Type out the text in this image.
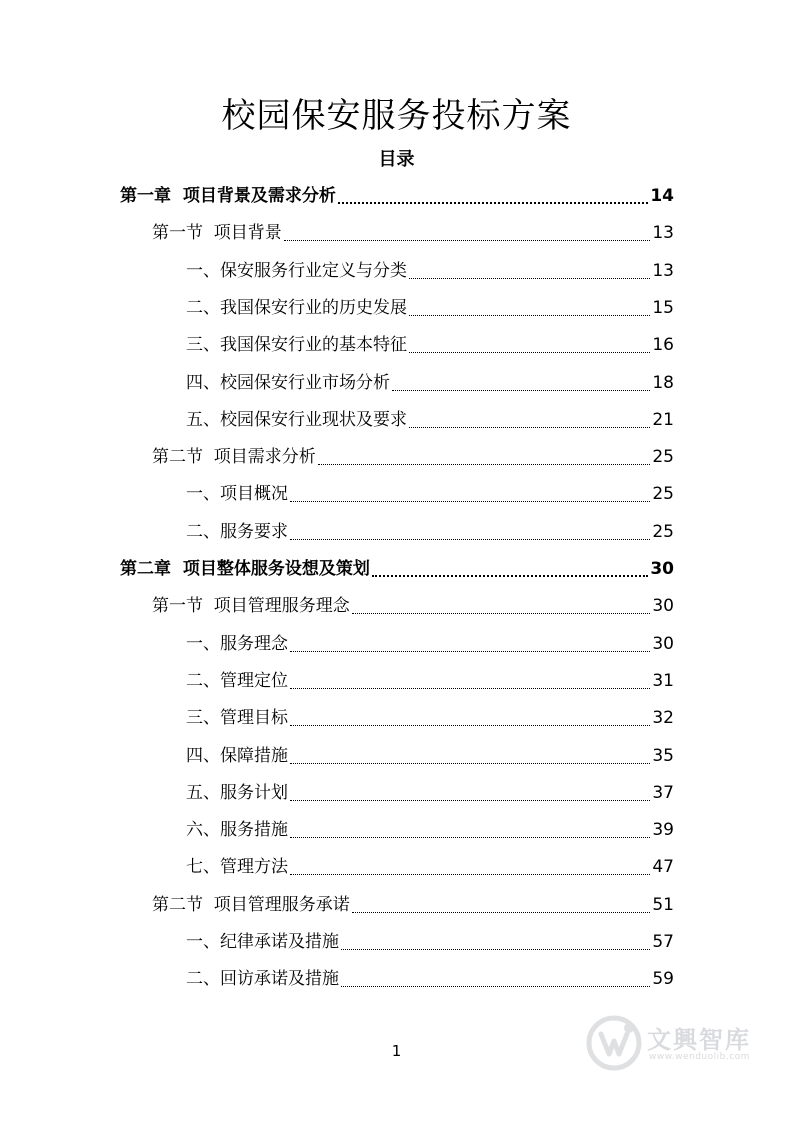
校园保安服务投标方案
目录
第一章  项目背景及需求分析	14
第一节  项目背景	13
一、保安服务行业定义与分类	13
二、我国保安行业的历史发展	15
三、我国保安行业的基本特征	16
四、校园保安行业市场分析	18
五、校园保安行业现状及要求	21
第二节  项目需求分析	25
一、项目概况	25
二、服务要求	25
第二章  项目整体服务设想及策划	30
第一节  项目管理服务理念	30
一、服务理念	30
二、管理定位	31
三、管理目标	32
四、保障措施	35
五、服务计划	37
六、服务措施	39
七、管理方法	47
第二节  项目管理服务承诺	51
一、纪律承诺及措施	57
二、回访承诺及措施	59
1	文興智库
www.wenduolib.com
